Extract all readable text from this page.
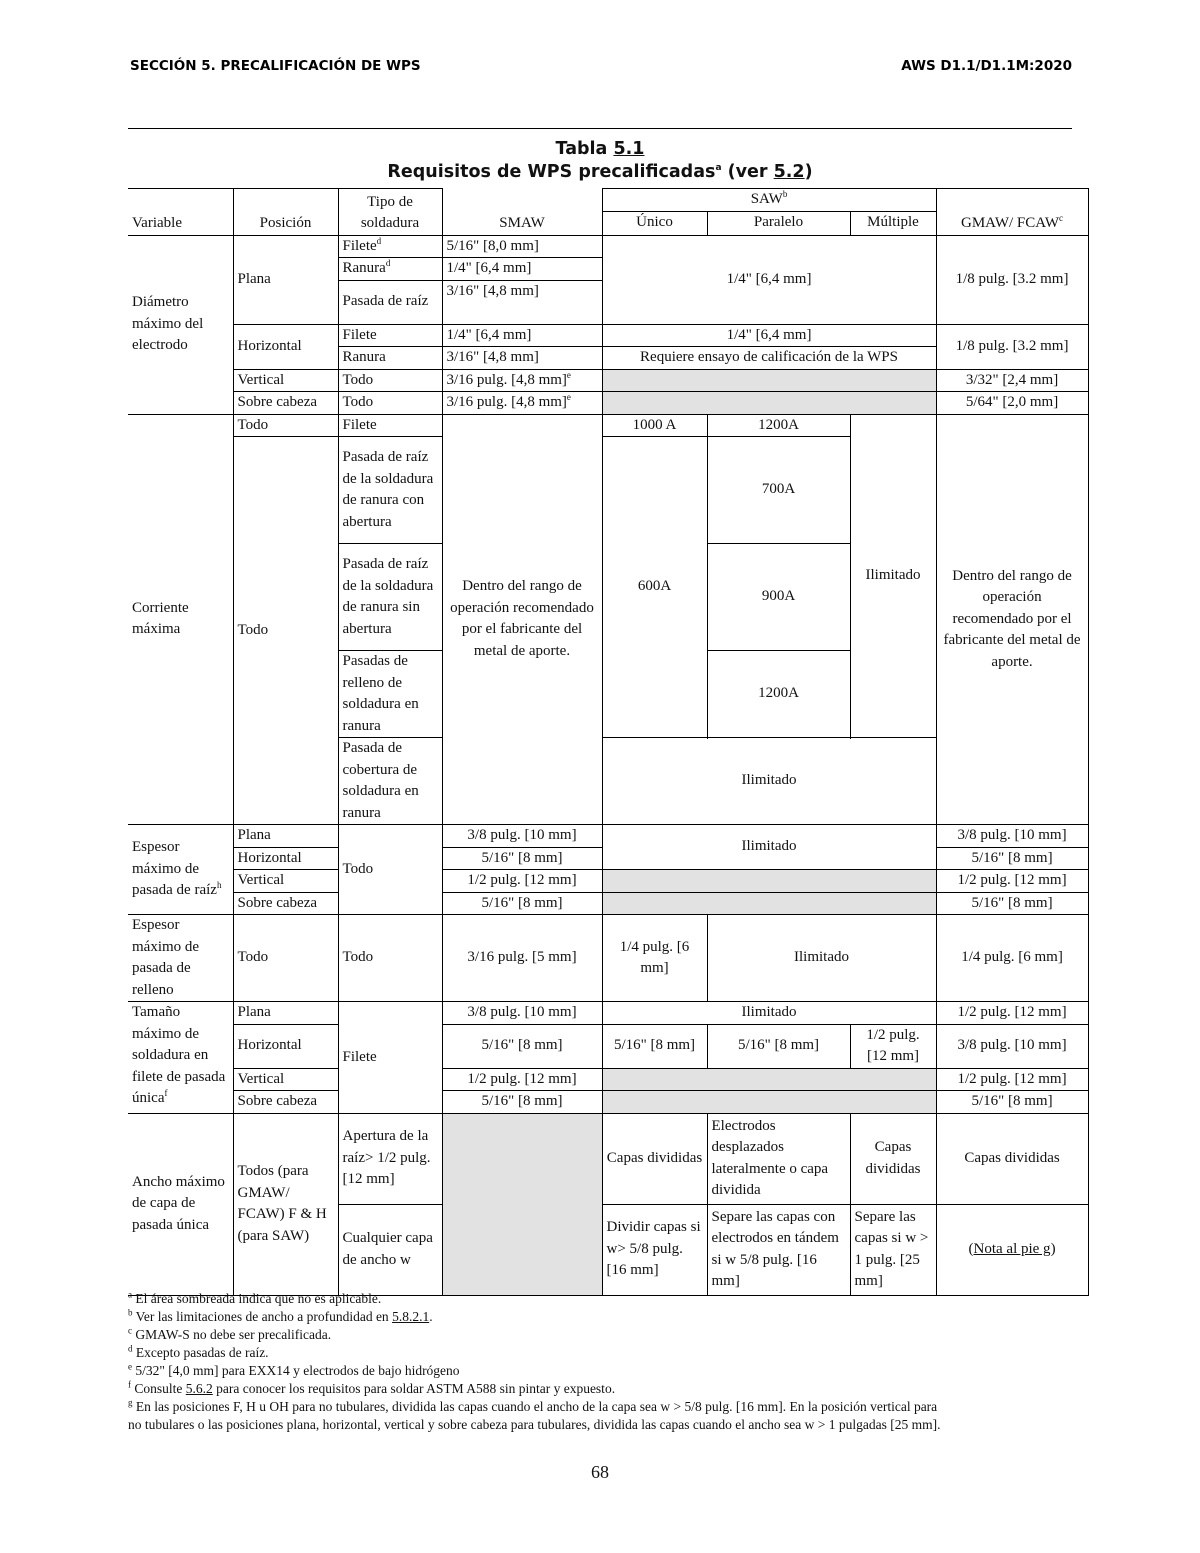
SECCIÓN 5. PRECALIFICACIÓN DE WPS	AWS D1.1/D1.1M:2020
Tabla 5.1
Requisitos de WPS precalificadas$^a$ (ver 5.2)
Variable	Posición	Tipo de soldadura	SMAW	SAW$^b$			GMAW/ FCAW$^c$
				Único	Paralelo	Múltiple	
Diámetro máximo del electrodo	Plana	Filete$^d$	5/16" [8,0 mm]	1/4" [6,4 mm]			1/8 pulg. [3.2 mm]
		Ranura$^d$	1/4" [6,4 mm]				
		Pasada de raíz	3/16" [4,8 mm]				
	Horizontal	Filete	1/4" [6,4 mm]	1/4" [6,4 mm]			1/8 pulg. [3.2 mm]
		Ranura	3/16" [4,8 mm]	Requiere ensayo de calificación de la WPS			
	Vertical	Todo	3/16 pulg. [4,8 mm]$^e$				3/32" [2,4 mm]
	Sobre cabeza	Todo	3/16 pulg. [4,8 mm]$^e$				5/64" [2,0 mm]
Corriente máxima	Todo	Filete	Dentro del rango de operación recomendado por el fabricante del metal de aporte.	1000 A	1200A	Ilimitado	Dentro del rango de operación recomendado por el fabricante del metal de aporte.
	Todo	Pasada de raíz de la soldadura de ranura con abertura		600A	700A		
		Pasada de raíz de la soldadura de ranura sin abertura			900A		
		Pasadas de relleno de soldadura en ranura			1200A		

		Pasada de cobertura de soldadura en ranura		Ilimitado			
Espesor máximo de pasada de raíz$^h$	Plana	Todo	3/8 pulg. [10 mm]	Ilimitado			3/8 pulg. [10 mm]
	Horizontal		5/16" [8 mm]				5/16" [8 mm]
	Vertical		1/2 pulg. [12 mm]				1/2 pulg. [12 mm]
	Sobre cabeza		5/16" [8 mm]				5/16" [8 mm]
Espesor máximo de pasada de relleno	Todo	Todo	3/16 pulg. [5 mm]	1/4 pulg. [6 mm]	Ilimitado		1/4 pulg. [6 mm]
Tamaño máximo de soldadura en filete de pasada única$^f$	Plana	Filete	3/8 pulg. [10 mm]	Ilimitado			1/2 pulg. [12 mm]
	Horizontal		5/16" [8 mm]	5/16" [8 mm]	5/16" [8 mm]	1/2 pulg. [12 mm]	3/8 pulg. [10 mm]
	Vertical		1/2 pulg. [12 mm]				1/2 pulg. [12 mm]
	Sobre cabeza		5/16" [8 mm]				5/16" [8 mm]
Ancho máximo de capa de pasada única	Todos (para GMAW/ FCAW) F & H (para SAW)	Apertura de la raíz> 1/2 pulg. [12 mm]		Capas divididas	Electrodos desplazados lateralmente o capa dividida	Capas divididas	Capas divididas
		Cualquier capa de ancho w		Dividir capas si w> 5/8 pulg. [16 mm]	Separe las capas con electrodos en tándem si w 5/8 pulg. [16 mm]	Separe las capas si w > 1 pulg. [25 mm]	(Nota al pie g)
$^a$ El área sombreada indica que no es aplicable.
$^b$ Ver las limitaciones de ancho a profundidad en 5.8.2.1.
$^c$ GMAW-S no debe ser precalificada.
$^d$ Excepto pasadas de raíz.
$^e$ 5/32" [4,0 mm] para EXX14 y electrodos de bajo hidrógeno
$^f$ Consulte 5.6.2 para conocer los requisitos para soldar ASTM A588 sin pintar y expuesto.
$^g$ En las posiciones F, H u OH para no tubulares, dividida las capas cuando el ancho de la capa sea w > 5/8 pulg. [16 mm]. En la posición vertical para
no tubulares o las posiciones plana, horizontal, vertical y sobre cabeza para tubulares, dividida las capas cuando el ancho sea w > 1 pulgadas [25 mm].
68
